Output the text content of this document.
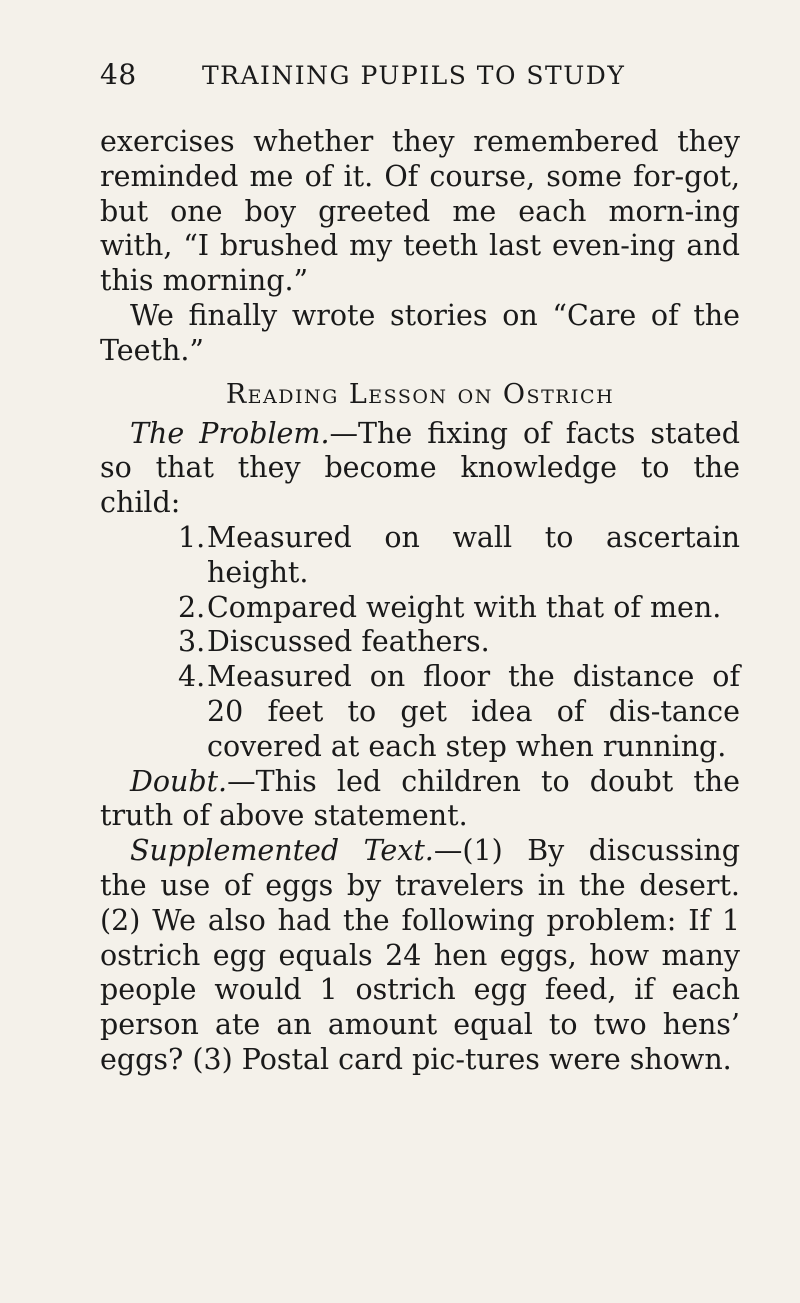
48	TRAINING PUPILS TO STUDY

exercises whether they remembered they reminded me of it. Of course, some for-got, but one boy greeted me each morn-ing with, “I brushed my teeth last even-ing and this morning.”

We finally wrote stories on “Care of the Teeth.”

Reading Lesson on Ostrich

The Problem.—The fixing of facts stated so that they become knowledge to the child:

1. Measured on wall to ascertain height.
2. Compared weight with that of men.
3. Discussed feathers.
4. Measured on floor the distance of 20 feet to get idea of dis-tance covered at each step when running.

Doubt.—This led children to doubt the truth of above statement.

Supplemented Text.—(1) By discussing the use of eggs by travelers in the desert. (2) We also had the following problem: If 1 ostrich egg equals 24 hen eggs, how many people would 1 ostrich egg feed, if each person ate an amount equal to two hens’ eggs? (3) Postal card pic-tures were shown.
